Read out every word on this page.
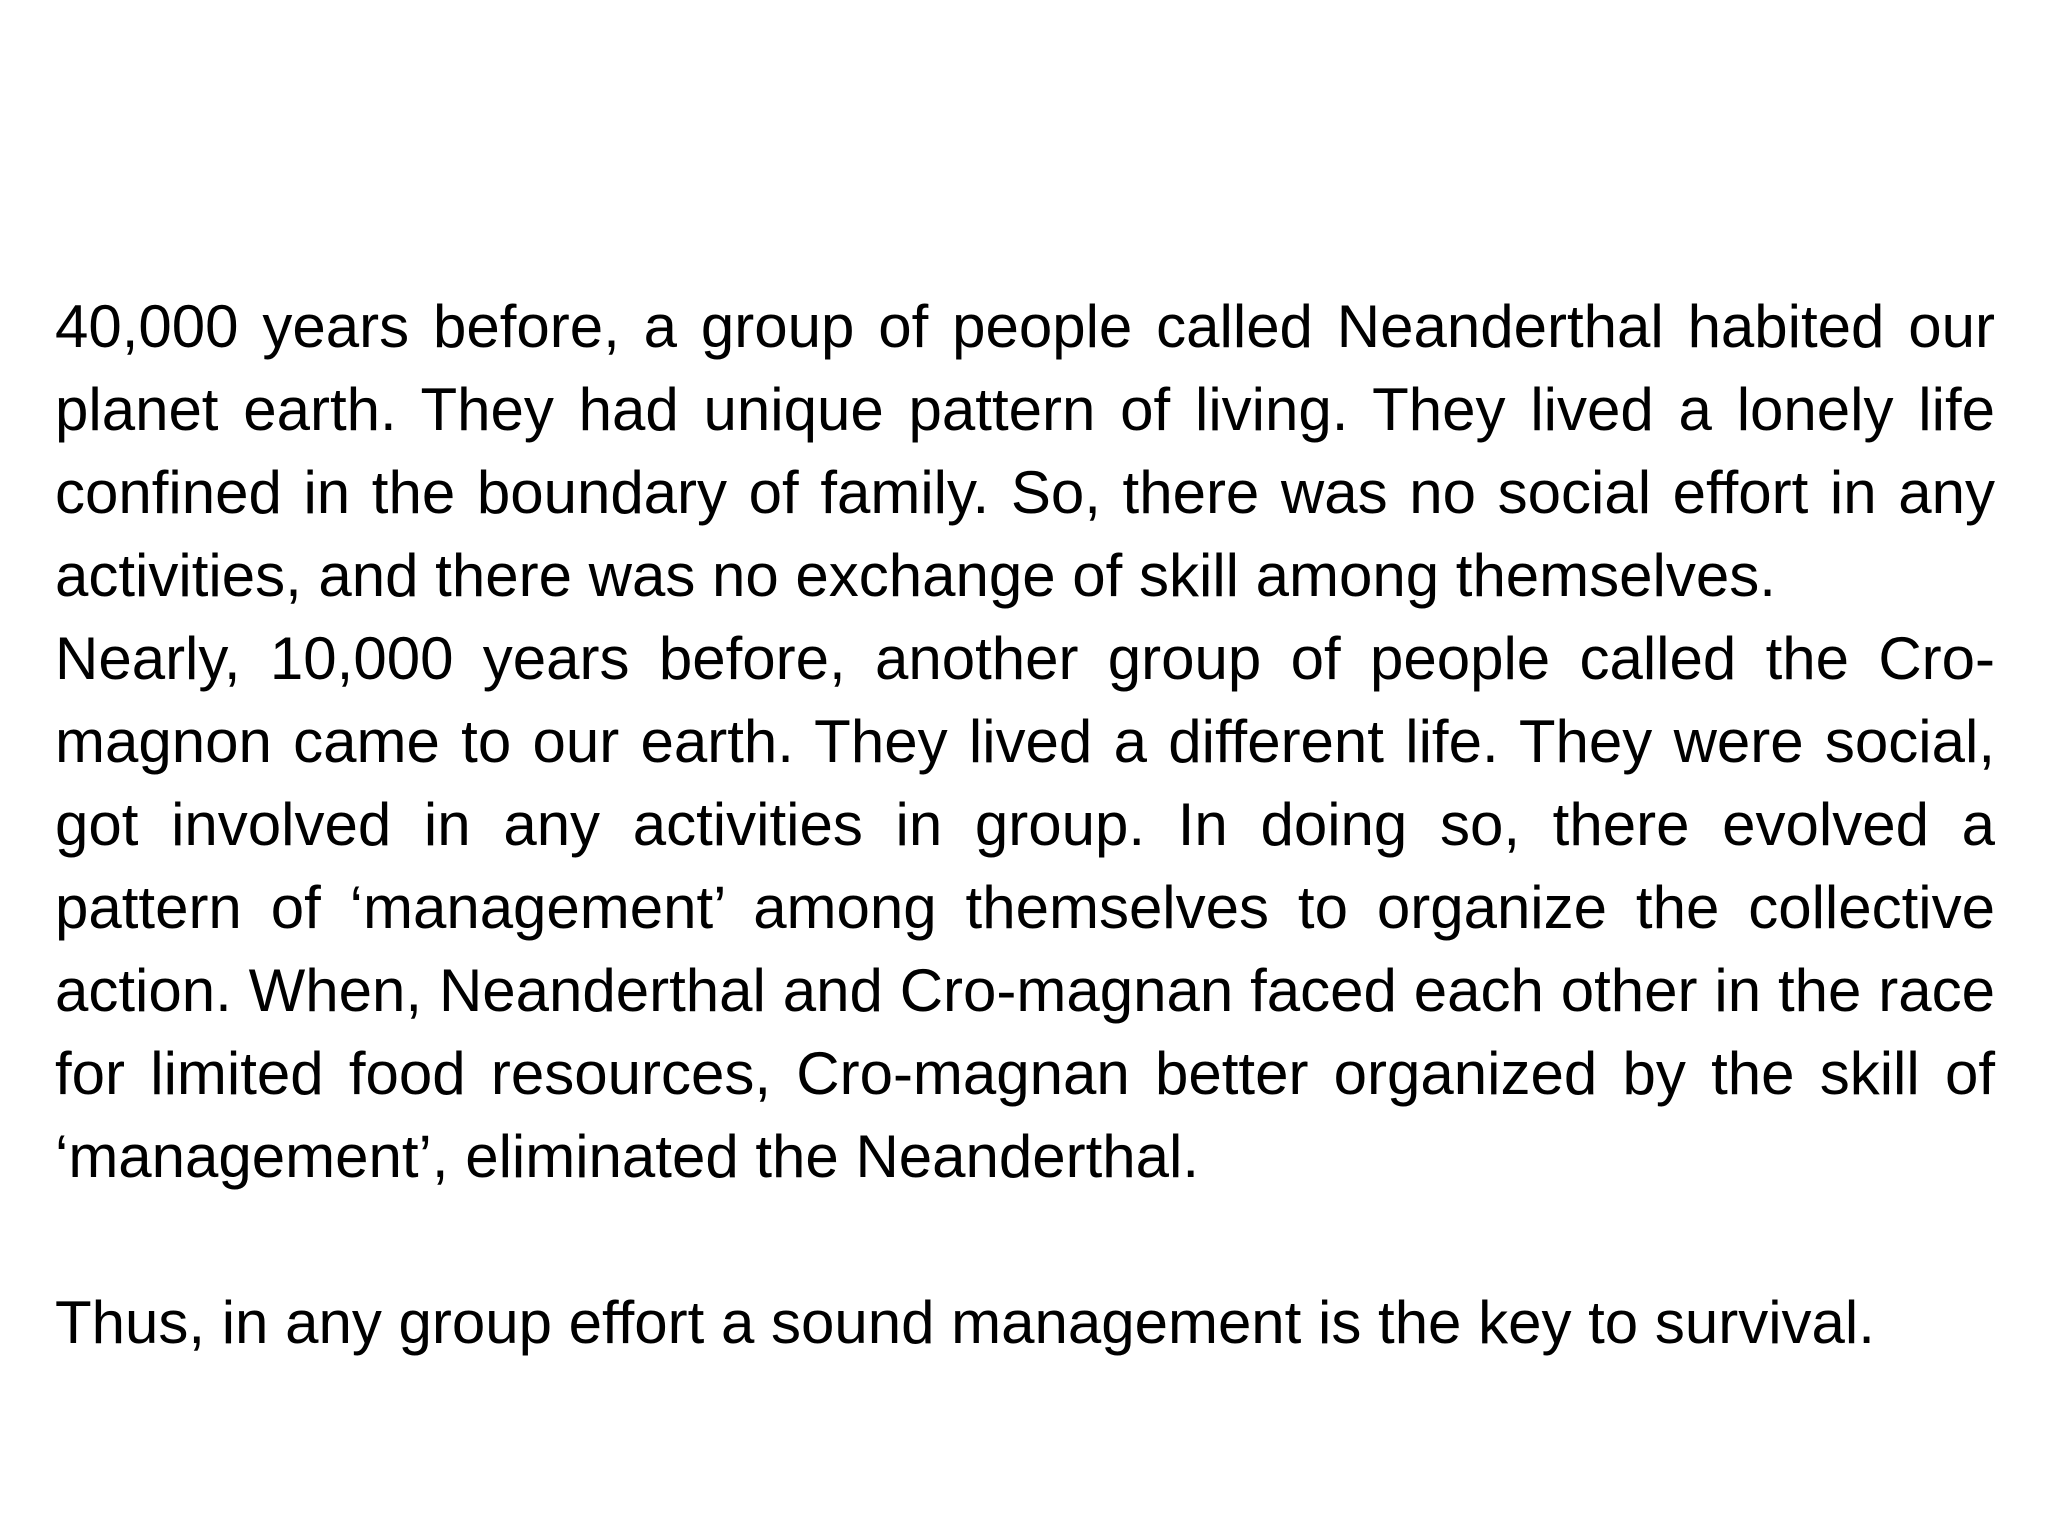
40,000 years before, a group of people called Neanderthal habited our planet earth. They had unique pattern of living. They lived a lonely life confined in the boundary of family. So, there was no social effort in any activities, and there was no exchange of skill among themselves.

Nearly, 10,000 years before, another group of people called the Cro-magnon came to our earth. They lived a different life. They were social, got involved in any activities in group. In doing so, there evolved a pattern of ‘management’ among themselves to organize the collective action. When, Neanderthal and Cro-magnan faced each other in the race for limited food resources, Cro-magnan better organized by the skill of ‘management’, eliminated the Neanderthal.

Thus, in any group effort a sound management is the key to survival.
